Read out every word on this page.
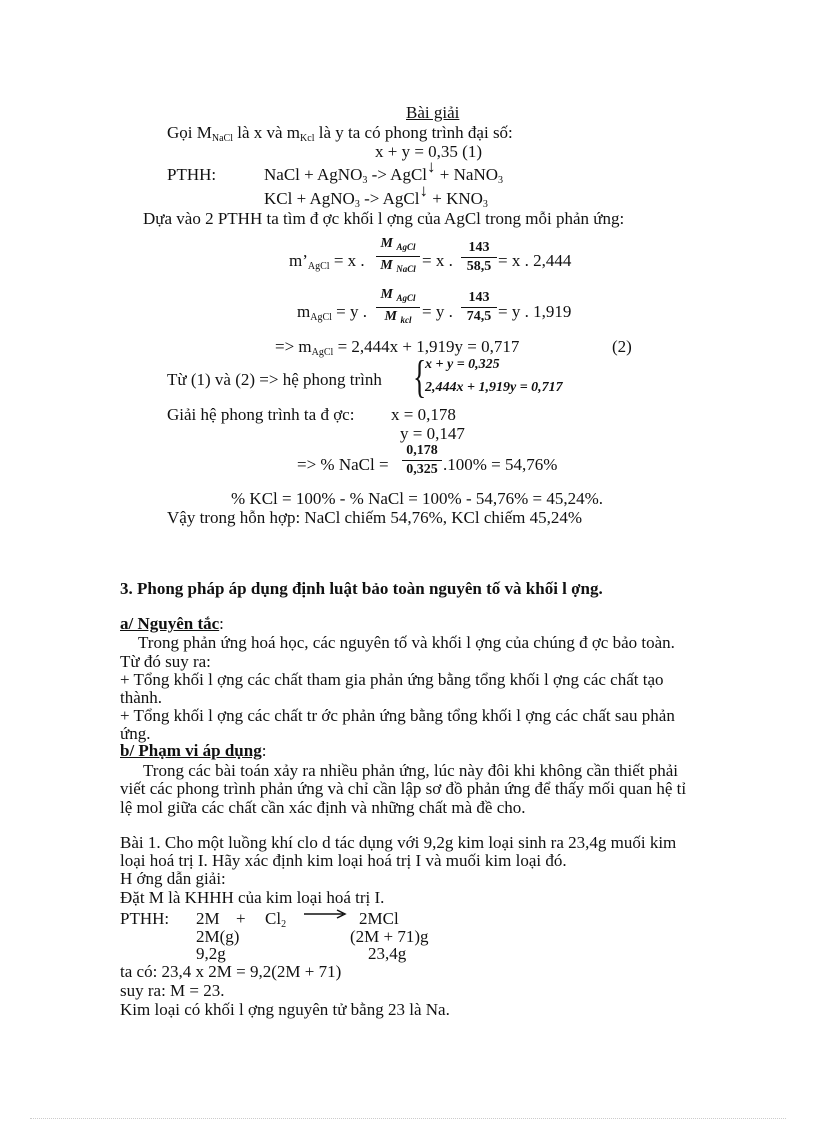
Bài giải
Gọi $M_{NaCl}$ là x và $m_{Kcl}$ là y ta có phong trình đại số:
x + y = 0,35 (1)
PTHH:	NaCl + AgNO$_3$ -> AgCl↓ + NaNO$_3$
KCl + AgNO$_3$ -> AgCl↓ + $KNO_3$
Dựa vào 2 PTHH ta tìm đ ợc khối l ợng của AgCl trong mỗi phản ứng:
$m’_{AgCl} = x$ .
M $_{AgCl}$
M $_{NaCl}$ = x . $\frac{143}{58,5} = x$ . 2,444
$m_{AgCl} = y$ .
M $_{AgCl}$
M $_{kcl}$ = y . $\frac{143}{74,5} = y$ . 1,919
=> $m_{AgCl} = 2,444x + 1,919y = 0,717$	(2)
Từ (1) và (2) => hệ phong trình {
x + y = 0,325
2,444x + 1,919y = 0,717
Giải hệ phong trình ta đ ợc: x = 0,178
y = 0,147
=> % NaCl = $\frac{0,178}{0,325} .100\% = 54,76\%$
% KCl = 100% - % NaCl = 100% - 54,76% = 45,24%.
Vậy trong hỗn hợp: NaCl chiếm 54,76%, KCl chiếm 45,24%
3. Phong pháp áp dụng định luật bảo toàn nguyên tố và khối l ợng.
a/ Nguyên tắc:
Trong phản ứng hoá học, các nguyên tố và khối l ợng của chúng đ ợc bảo toàn.
Từ đó suy ra:
+ Tổng khối l ợng các chất tham gia phản ứng bằng tổng khối l ợng các chất tạo
thành.
+ Tổng khối l ợng các chất tr ớc phản ứng bằng tổng khối l ợng các chất sau phản
ứng.
b/ Phạm vi áp dụng:
Trong các bài toán xảy ra nhiều phản ứng, lúc này đôi khi không cần thiết phải
viết các phong trình phản ứng và chỉ cần lập sơ đồ phản ứng để thấy mối quan hệ tỉ
lệ mol giữa các chất cần xác định và những chất mà đề cho.
Bài 1. Cho một luồng khí clo d tác dụng với 9,2g kim loại sinh ra 23,4g muối kim
loại hoá trị I. Hãy xác định kim loại hoá trị I và muối kim loại đó.
H ớng dẫn giải:
Đặt M là KHHH của kim loại hoá trị I.
PTHH: $2M + Cl_2 \to 2MCl$
2M(g)	(2M + 71)g
9,2g	23,4g
ta có: 23,4 x 2M = 9,2(2M + 71)
suy ra: M = 23.
Kim loại có khối l ợng nguyên tử bằng 23 là Na.
